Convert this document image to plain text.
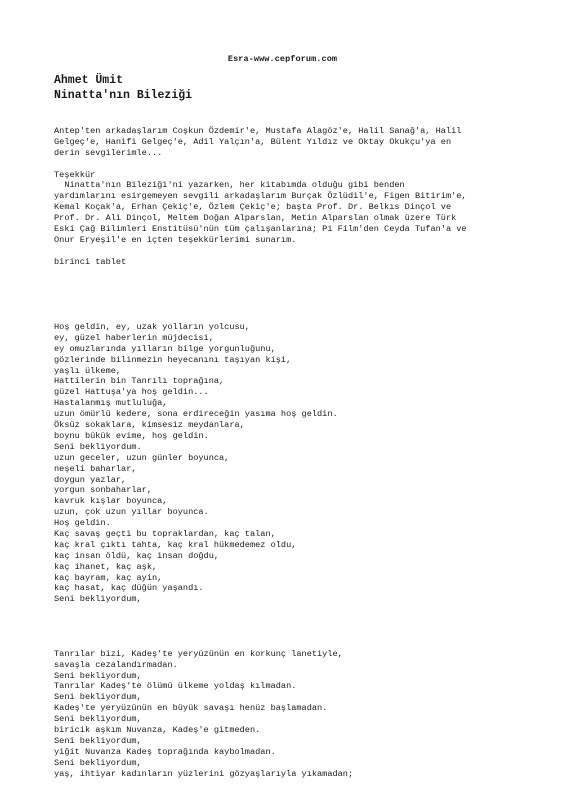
Esra-www.cepforum.com
Ahmet Ümit
Ninatta'nın Bileziği
Antep'ten arkadaşlarım Coşkun Özdemir'e, Mustafa Alagöz'e, Halil Sanağ'a, Halil
Gelgeç'e, Hanifi Gelgeç'e, Adil Yalçın'a, Bülent Yıldız ve Oktay Okukçu'ya en
derin sevgilerimle...
Teşekkür
Ninatta'nın Bileziği'ni yazarken, her kitabımda olduğu gibi benden
yardımlarını esirgemeyen sevgili arkadaşlarım Burçak Özlüdil'e, Figen Bitirim'e,
Kemal Koçak'a, Erhan Çekiç'e, Özlem Çekiç'e; başta Prof. Dr. Belkıs Dinçol ve
Prof. Dr. Ali Dinçol, Meltem Doğan Alparslan, Metin Alparslan olmak üzere Türk
Eski Çağ Bilimleri Enstitüsü'nün tüm çalışanlarına; Pi Film'den Ceyda Tufan'a ve
Onur Eryeşil'e en içten teşekkürlerimi sunarım.
birinci tablet
Hoş geldin, ey, uzak yolların yolcusu,
ey, güzel haberlerin müjdecisi,
ey omuzlarında yılların bilge yorgunluğunu,
gözlerinde bilinmezin heyecanını taşıyan kişi,
yaşlı ülkeme,
Hattilerin bin Tanrılı toprağına,
güzel Hattuşa'ya hoş geldin...
Hastalanmış mutluluğa,
uzun ömürlü kedere, sona erdireceğin yasıma hoş geldin.
Öksüz sokaklara, kimsesiz meydanlara,
boynu bükük evime, hoş geldin.
Seni bekliyordum.
uzun geceler, uzun günler boyunca,
neşeli baharlar,
doygun yazlar,
yorgun sonbaharlar,
kavruk kışlar boyunca,
uzun, çok uzun yıllar boyunca.
Hoş geldin.
Kaç savaş geçti bu topraklardan, kaç talan,
kaç kral çıktı tahta, kaç kral hükmedemez oldu,
kaç insan öldü, kaç insan doğdu,
kaç ihanet, kaç aşk,
kaç bayram, kaç ayin,
kaç hasat, kaç düğün yaşandı.
Seni bekliyordum,
Tanrılar bizi, Kadeş'te yeryüzünün en korkunç lanetiyle,
savaşla cezalandırmadan.
Seni bekliyordum,
Tanrılar Kadeş'te ölümü ülkeme yoldaş kılmadan.
Seni bekliyordum,
Kadeş'te yeryüzünün en büyük savaşı henüz başlamadan.
Seni bekliyordum,
biricik aşkım Nuvanza, Kadeş'e gitmeden.
Seni bekliyordum,
yiğit Nuvanza Kadeş toprağında kaybolmadan.
Seni bekliyordum,
yaş, ihtiyar kadınların yüzlerini gözyaşlarıyla yıkamadan;
